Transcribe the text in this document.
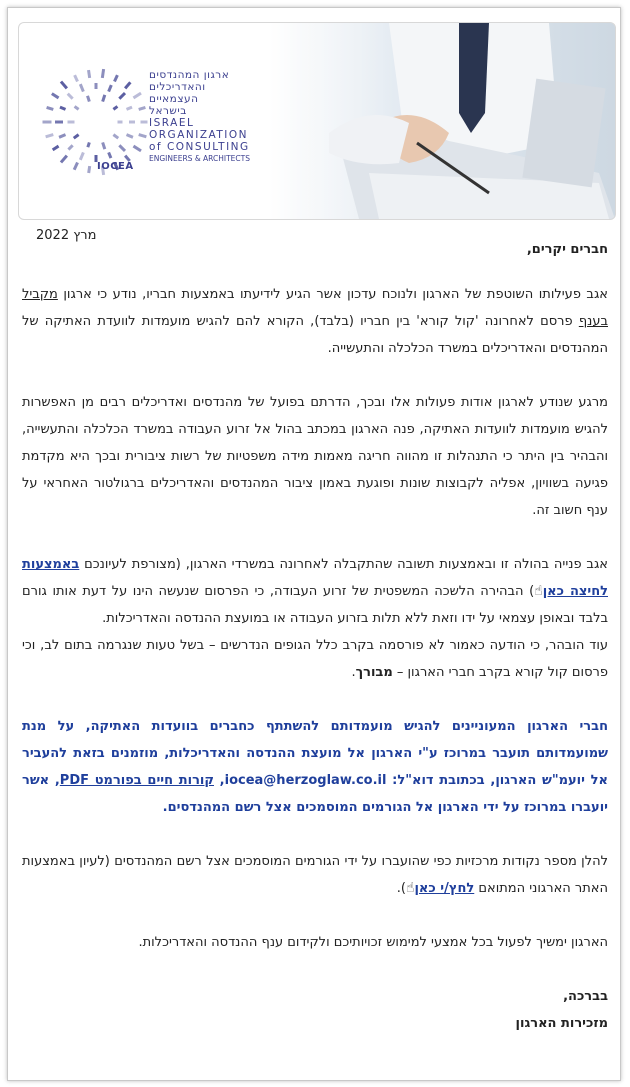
ארגון המהנדסים
והאדריכלים
העצמאיים
בישראל
ISRAEL
ORGANIZATION
of CONSULTING
ENGINEERS & ARCHITECTS
IOCEA
מרץ 2022

חברים יקרים,

אגב פעילותו השוטפת של הארגון ולנוכח עדכון אשר הגיע לידיעתו באמצעות חבריו, נודע כי ארגון מקביל בענף פרסם לאחרונה 'קול קורא' בין חבריו (בלבד), הקורא להם להגיש מועמדות לוועדת האתיקה של המהנדסים והאדריכלים במשרד הכלכלה והתעשייה.

מרגע שנודע לארגון אודות פעולות אלו ובכך, הדרתם בפועל של מהנדסים ואדריכלים רבים מן האפשרות להגיש מועמדות לוועדות האתיקה, פנה הארגון במכתב בהול אל זרוע העבודה במשרד הכלכלה והתעשייה, והבהיר בין היתר כי התנהלות זו מהווה חריגה מאמות מידה משפטיות של רשות ציבורית ובכך היא מקדמת פגיעה בשוויון, אפליה לקבוצות שונות ופוגעת באמון ציבור המהנדסים והאדריכלים ברגולטור האחראי על ענף חשוב זה.

אגב פנייה בהולה זו ובאמצעות תשובה שהתקבלה לאחרונה במשרדי הארגון, (מצורפת לעיונכם באמצעות לחיצה כאן☝) הבהירה הלשכה המשפטית של זרוע העבודה, כי הפרסום שנעשה הינו על דעת אותו גורם בלבד ובאופן עצמאי על ידו וזאת ללא תלות בזרוע העבודה או במועצת ההנדסה והאדריכלות.

עוד הובהר, כי הודעה כאמור לא פורסמה בקרב כלל הגופים הנדרשים – בשל טעות שנגרמה בתום לב, וכי פרסום קול קורא בקרב חברי הארגון – מבורך.

חברי הארגון המעוניינים להגיש מועמדותם להשתתף כחברים בוועדות האתיקה, על מנת שמועמדותם תועבר במרוכז ע"י הארגון אל מועצת ההנדסה והאדריכלות, מוזמנים בזאת להעביר אל יועמ"ש הארגון, בכתובת דוא"ל: iocea@herzoglaw.co.il, קורות חיים בפורמט PDF, אשר יועברו במרוכז על ידי הארגון אל הגורמים המוסמכים אצל רשם המהנדסים.

להלן מספר נקודות מרכזיות כפי שהועברו על ידי הגורמים המוסמכים אצל רשם המהנדסים (לעיון באמצעות האתר הארגוני המתואם לחץ/י כאן☝).

הארגון ימשיך לפעול בכל אמצעי למימוש זכויותיכם ולקידום ענף ההנדסה והאדריכלות.

בברכה,

מזכירות הארגון
